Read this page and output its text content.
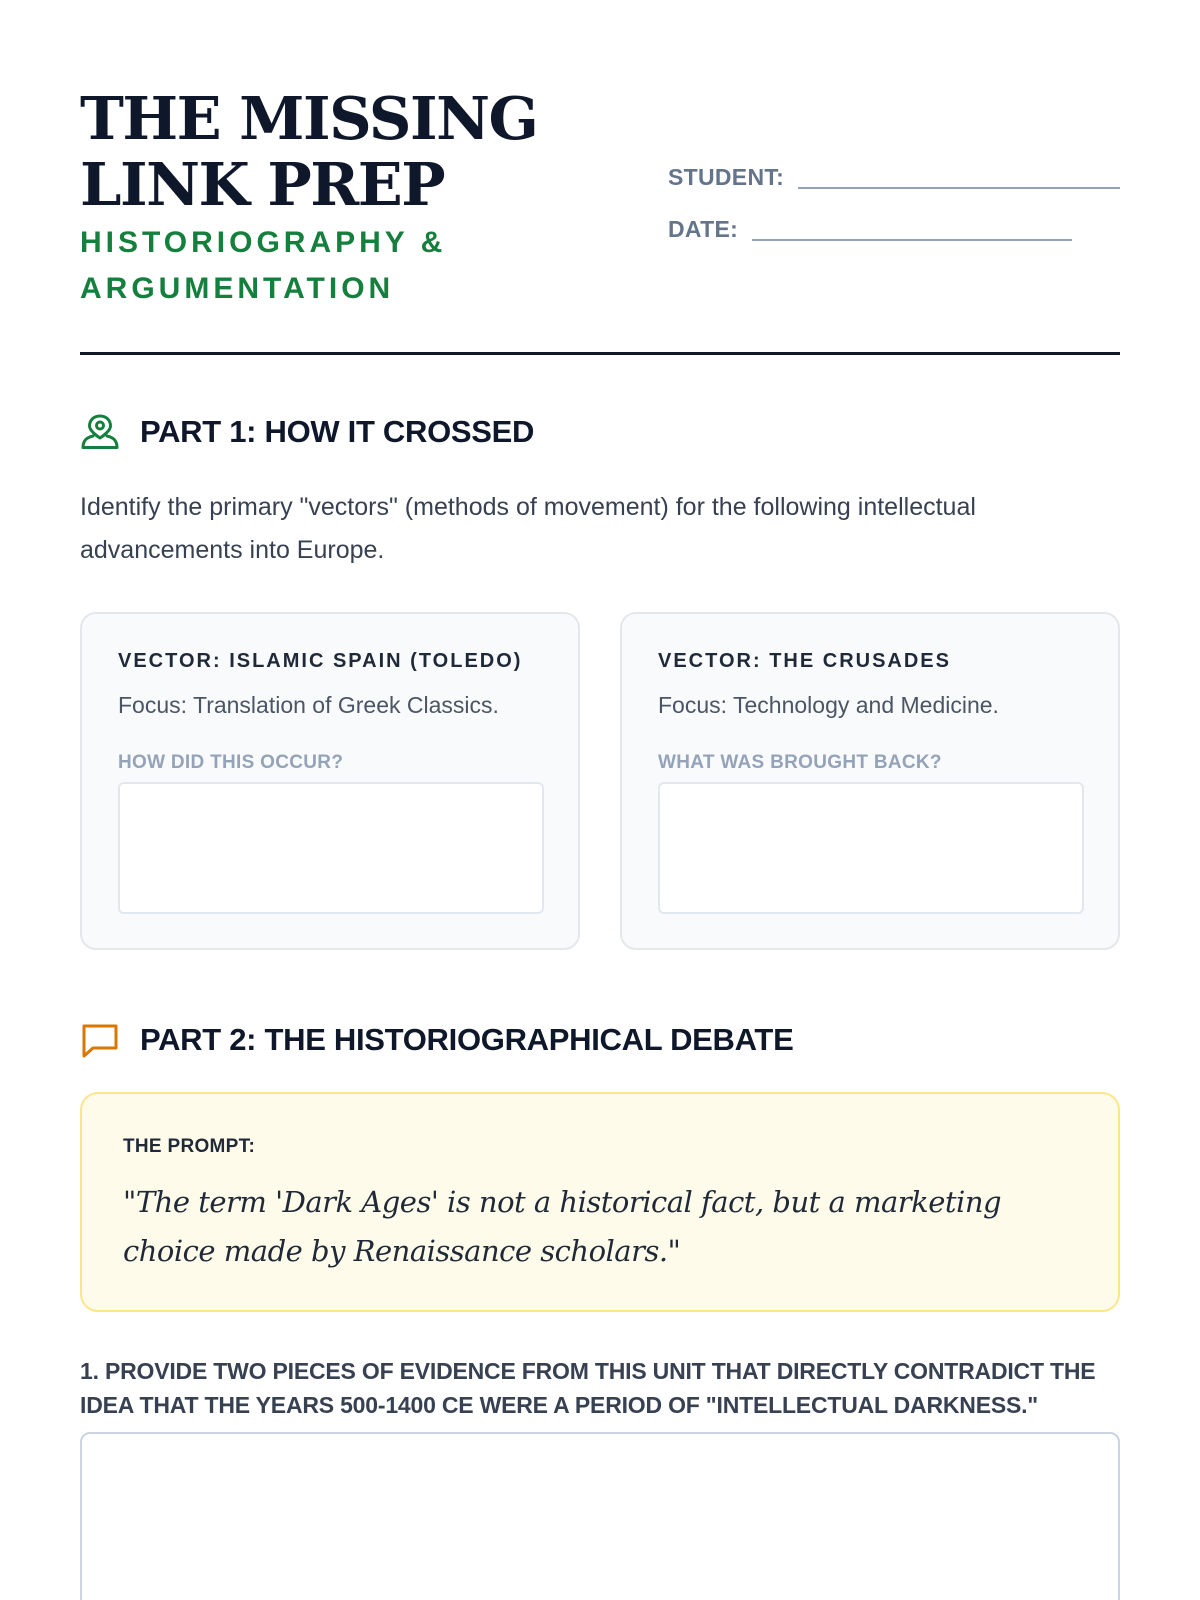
THE MISSING LINK PREP
HISTORIOGRAPHY & ARGUMENTATION
STUDENT:
DATE:
PART 1: HOW IT CROSSED
Identify the primary "vectors" (methods of movement) for the following intellectual advancements into Europe.
VECTOR: ISLAMIC SPAIN (TOLEDO)
Focus: Translation of Greek Classics.
HOW DID THIS OCCUR?
VECTOR: THE CRUSADES
Focus: Technology and Medicine.
WHAT WAS BROUGHT BACK?
PART 2: THE HISTORIOGRAPHICAL DEBATE
THE PROMPT:
"The term 'Dark Ages' is not a historical fact, but a marketing choice made by Renaissance scholars."
1. PROVIDE TWO PIECES OF EVIDENCE FROM THIS UNIT THAT DIRECTLY CONTRADICT THE IDEA THAT THE YEARS 500-1400 CE WERE A PERIOD OF "INTELLECTUAL DARKNESS."
